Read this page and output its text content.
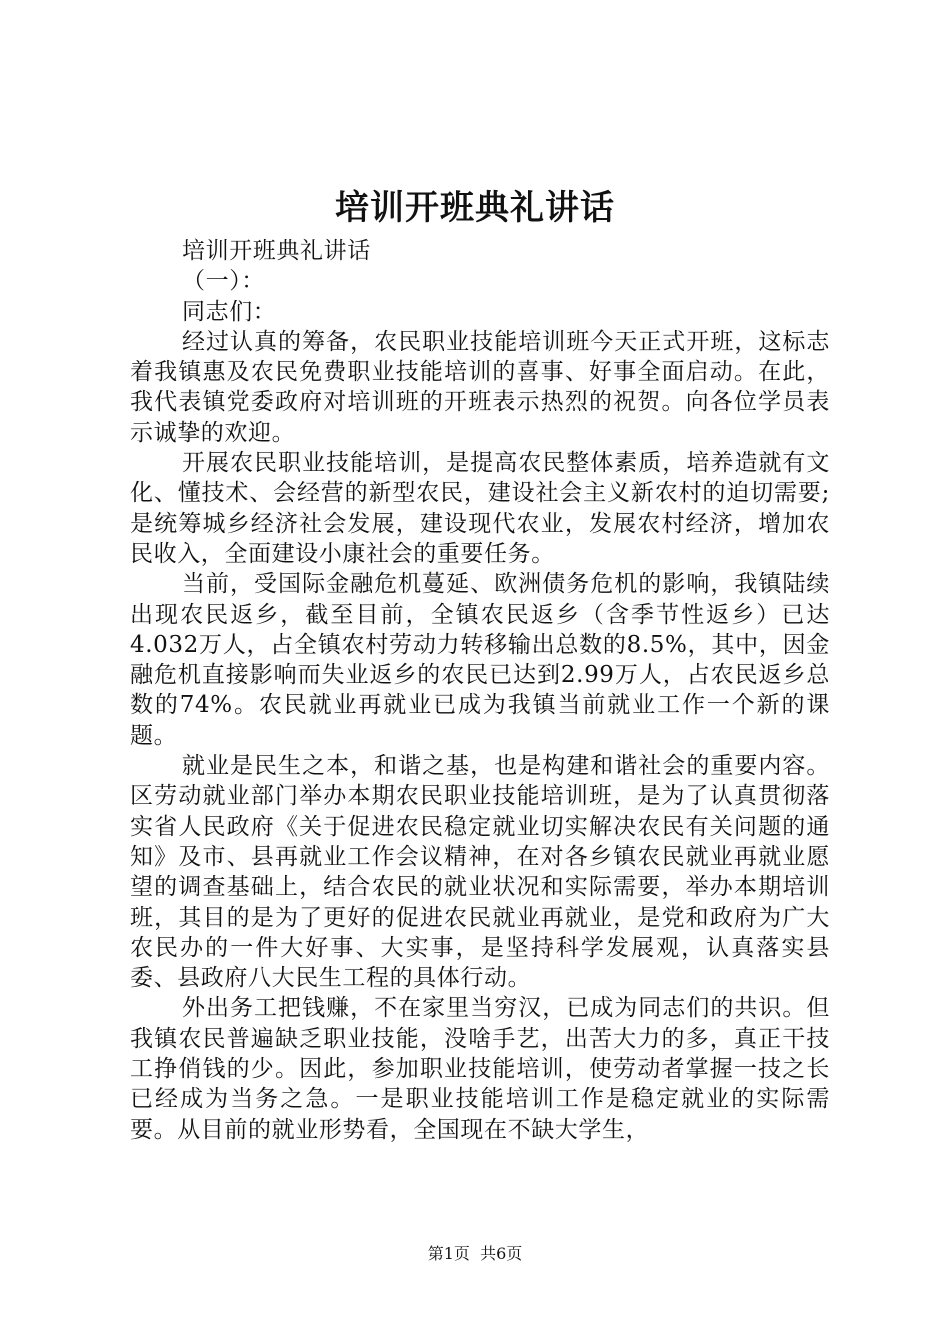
培训开班典礼讲话

培训开班典礼讲话

（一）：

同志们：

经过认真的筹备，农民职业技能培训班今天正式开班，这标志着我镇惠及农民免费职业技能培训的喜事、好事全面启动。在此，我代表镇党委政府对培训班的开班表示热烈的祝贺。向各位学员表示诚挚的欢迎。

开展农民职业技能培训，是提高农民整体素质，培养造就有文化、懂技术、会经营的新型农民，建设社会主义新农村的迫切需要;是统筹城乡经济社会发展，建设现代农业，发展农村经济，增加农民收入，全面建设小康社会的重要任务。

当前，受国际金融危机蔓延、欧洲债务危机的影响，我镇陆续出现农民返乡，截至目前，全镇农民返乡（含季节性返乡）已达4.032万人，占全镇农村劳动力转移输出总数的8.5%，其中，因金融危机直接影响而失业返乡的农民已达到2.99万人，占农民返乡总数的74%。农民就业再就业已成为我镇当前就业工作一个新的课题。

就业是民生之本，和谐之基，也是构建和谐社会的重要内容。区劳动就业部门举办本期农民职业技能培训班，是为了认真贯彻落实省人民政府《关于促进农民稳定就业切实解决农民有关问题的通知》及市、县再就业工作会议精神，在对各乡镇农民就业再就业愿望的调查基础上，结合农民的就业状况和实际需要，举办本期培训班，其目的是为了更好的促进农民就业再就业，是党和政府为广大农民办的一件大好事、大实事，是坚持科学发展观，认真落实县委、县政府八大民生工程的具体行动。

外出务工把钱赚，不在家里当穷汉，已成为同志们的共识。但我镇农民普遍缺乏职业技能，没啥手艺，出苦大力的多，真正干技工挣俏钱的少。因此，参加职业技能培训，使劳动者掌握一技之长已经成为当务之急。一是职业技能培训工作是稳定就业的实际需要。从目前的就业形势看，全国现在不缺大学生，

第1页 共6页
